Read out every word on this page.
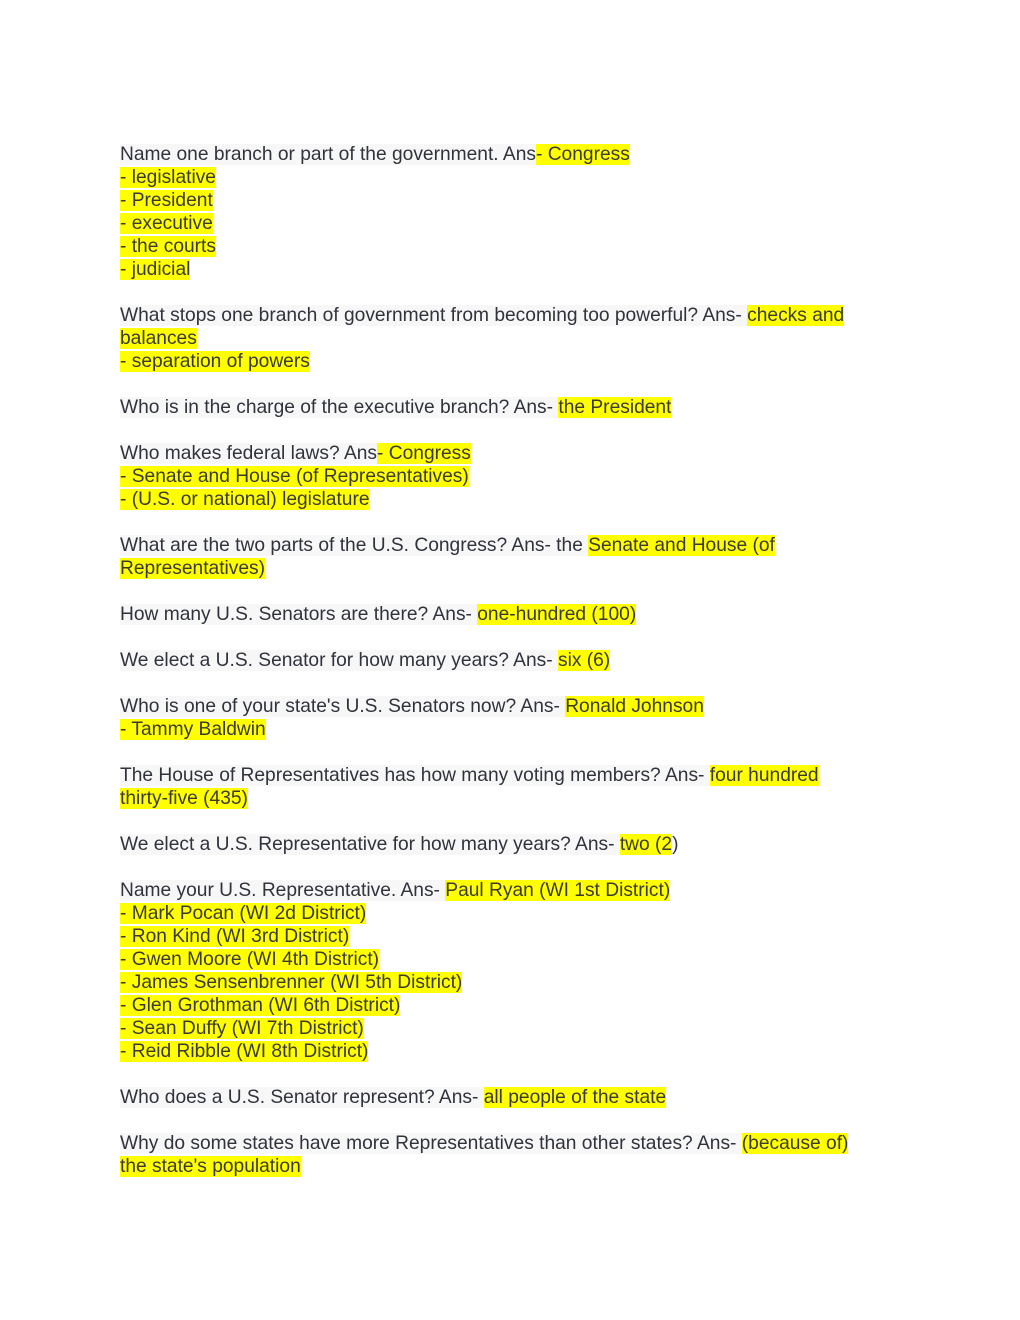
Name one branch or part of the government. Ans- Congress
- legislative
- President
- executive
- the courts
- judicial
What stops one branch of government from becoming too powerful? Ans- checks and
balances
- separation of powers
Who is in the charge of the executive branch? Ans- the President
Who makes federal laws? Ans- Congress
- Senate and House (of Representatives)
- (U.S. or national) legislature
What are the two parts of the U.S. Congress? Ans- the Senate and House (of
Representatives)
How many U.S. Senators are there? Ans- one-hundred (100)
We elect a U.S. Senator for how many years? Ans- six (6)
Who is one of your state's U.S. Senators now? Ans- Ronald Johnson
- Tammy Baldwin
The House of Representatives has how many voting members? Ans- four hundred
thirty-five (435)
We elect a U.S. Representative for how many years? Ans- two (2)
Name your U.S. Representative. Ans- Paul Ryan (WI 1st District)
- Mark Pocan (WI 2d District)
- Ron Kind (WI 3rd District)
- Gwen Moore (WI 4th District)
- James Sensenbrenner (WI 5th District)
- Glen Grothman (WI 6th District)
- Sean Duffy (WI 7th District)
- Reid Ribble (WI 8th District)
Who does a U.S. Senator represent? Ans- all people of the state
Why do some states have more Representatives than other states? Ans- (because of)
the state's population
